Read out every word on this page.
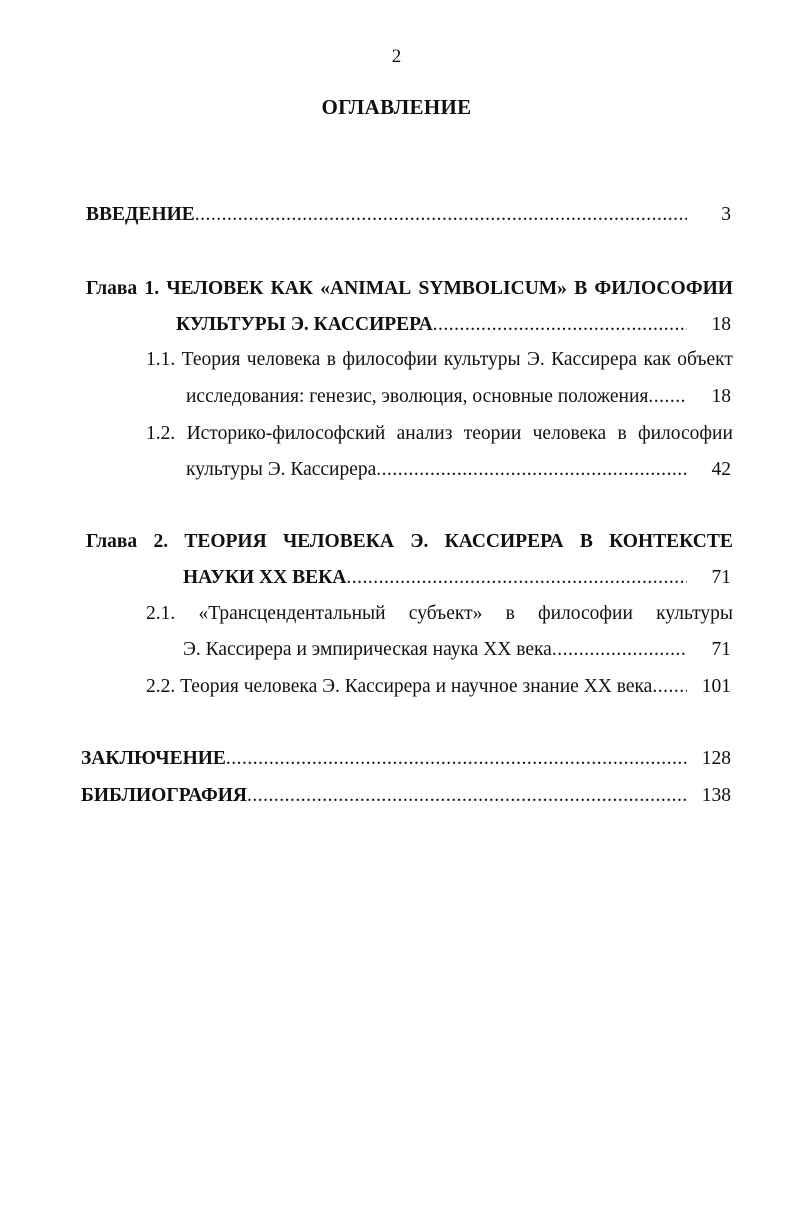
2
ОГЛАВЛЕНИЕ
ВВЕДЕНИЕ .....	3
Глава 1. ЧЕЛОВЕК КАК «ANIMAL SYMBOLICUM» В ФИЛОСОФИИ
КУЛЬТУРЫ Э. КАССИРЕРА .....	18
1.1. Теория человека в философии культуры Э. Кассирера как объект
исследования: генезис, эволюция, основные положения .....	18
1.2. Историко-философский анализ теории человека в философии
культуры Э. Кассирера .....	42
Глава 2. ТЕОРИЯ ЧЕЛОВЕКА Э. КАССИРЕРА В КОНТЕКСТЕ
НАУКИ XX ВЕКА .....	71
2.1. «Трансцендентальный субъект» в философии культуры
Э. Кассирера и эмпирическая наука XX века .....	71
2.2. Теория человека Э. Кассирера и научное знание XX века .....	101
ЗАКЛЮЧЕНИЕ .....	128
БИБЛИОГРАФИЯ .....	138
